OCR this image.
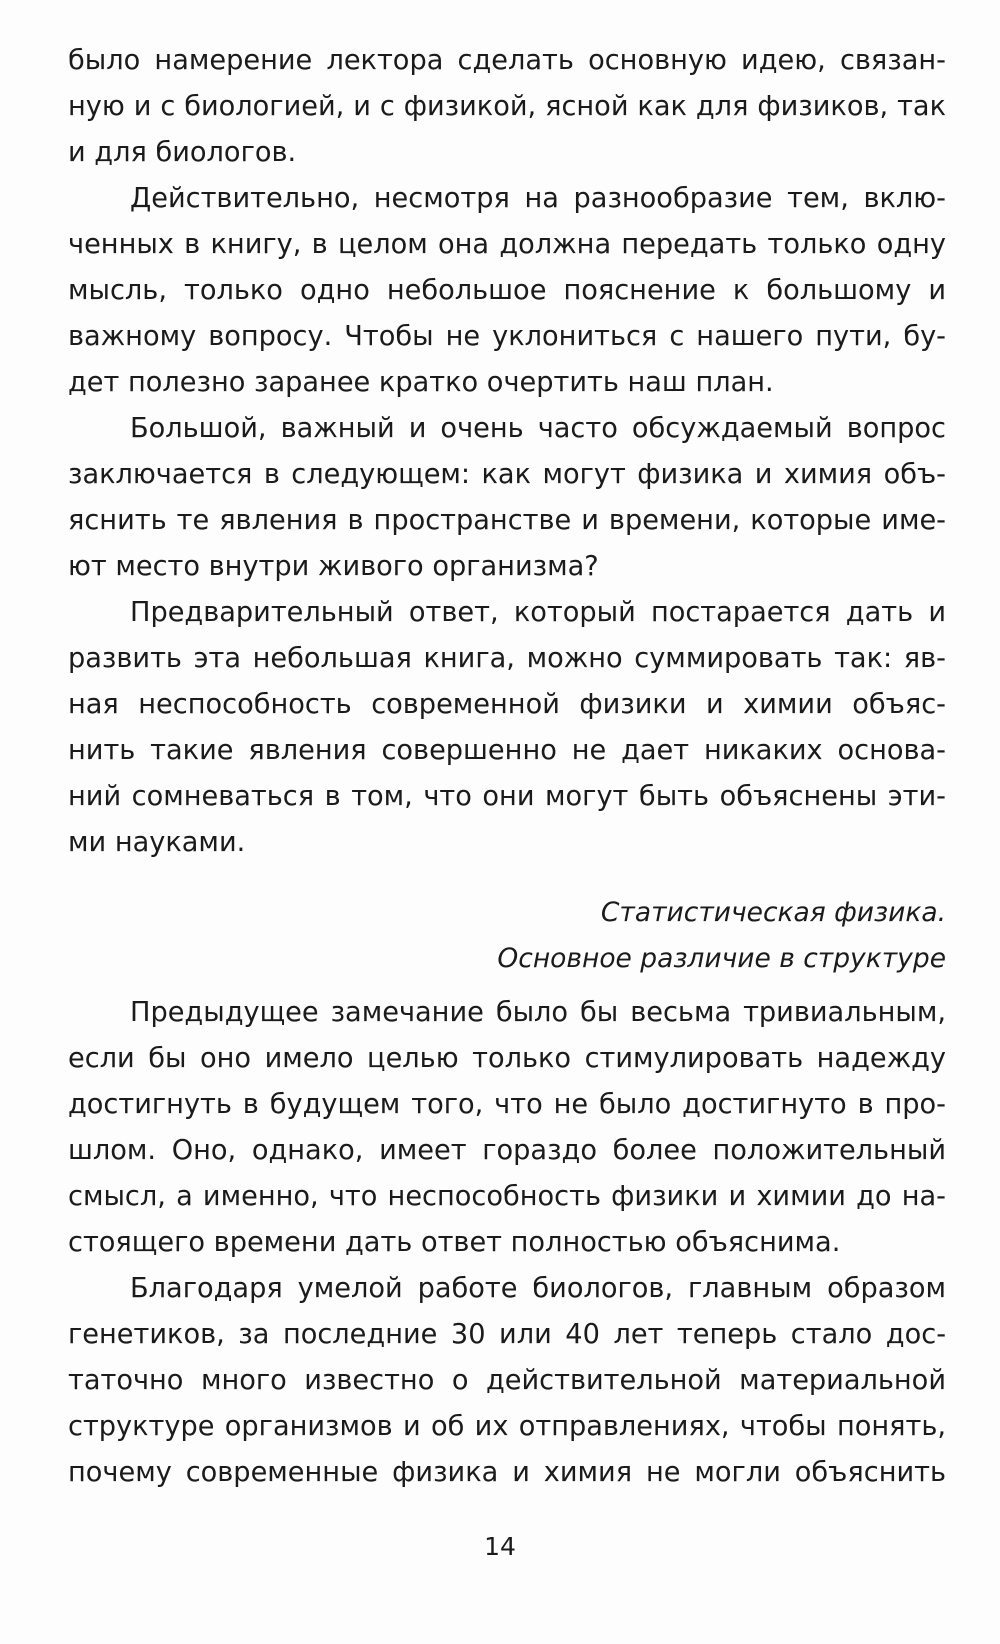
было намерение лектора сделать основную идею, связан-
ную и с биологией, и с физикой, ясной как для физиков, так
и для биологов.
Действительно, несмотря на разнообразие тем, вклю-
ченных в книгу, в целом она должна передать только одну
мысль, только одно небольшое пояснение к большому и
важному вопросу. Чтобы не уклониться с нашего пути, бу-
дет полезно заранее кратко очертить наш план.
Большой, важный и очень часто обсуждаемый вопрос
заключается в следующем: как могут физика и химия объ-
яснить те явления в пространстве и времени, которые име-
ют место внутри живого организма?
Предварительный ответ, который постарается дать и
развить эта небольшая книга, можно суммировать так: яв-
ная неспособность современной физики и химии объяс-
нить такие явления совершенно не дает никаких основа-
ний сомневаться в том, что они могут быть объяснены эти-
ми науками.
Статистическая физика.
Основное различие в структуре
Предыдущее замечание было бы весьма тривиальным,
если бы оно имело целью только стимулировать надежду
достигнуть в будущем того, что не было достигнуто в про-
шлом. Оно, однако, имеет гораздо более положительный
смысл, а именно, что неспособность физики и химии до на-
стоящего времени дать ответ полностью объяснима.
Благодаря умелой работе биологов, главным образом
генетиков, за последние 30 или 40 лет теперь стало дос-
таточно много известно о действительной материальной
структуре организмов и об их отправлениях, чтобы понять,
почему современные физика и химия не могли объяснить
14
